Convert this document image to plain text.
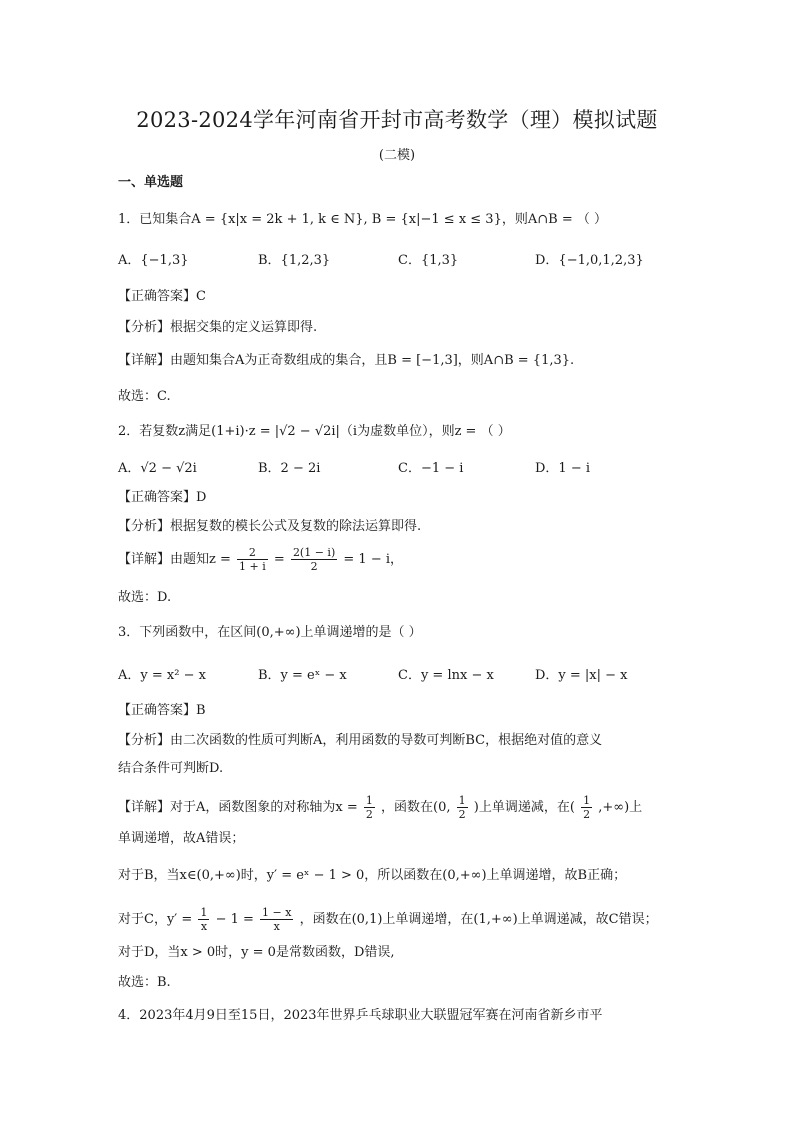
2023-2024学年河南省开封市高考数学（理）模拟试题
(二模)
一、单选题
1．已知集合A = {x|x = 2k + 1, k ∈ N}, B = {x|−1 ≤ x ≤ 3}，则A∩B = （ ）
A．{−1,3}	B．{1,2,3}	C．{1,3}	D．{−1,0,1,2,3}
【正确答案】C
【分析】根据交集的定义运算即得.
【详解】由题知集合A为正奇数组成的集合，且B = [−1,3]，则A∩B = {1,3}.
故选：C.
2．若复数z满足(1+i)·z = |√2 − √2i|（i为虚数单位），则z = （ ）
A．√2 − √2i	B．2 − 2i	C．−1 − i	D．1 − i
【正确答案】D
【分析】根据复数的模长公式及复数的除法运算即得.
【详解】由题知$z = \frac{2}{1 + i} = \frac{2(1 - i)}{2} = 1 - i$，
故选：D.
3．下列函数中，在区间(0,+∞)上单调递增的是（ ）
A．y = x² − x	B．y = eˣ − x	C．y = lnx − x	D．y = |x| − x
【正确答案】B
【分析】由二次函数的性质可判断A，利用函数的导数可判断BC，根据绝对值的意义
结合条件可判断D.
【详解】对于A，函数图象的对称轴为$x = \frac{1}{2}$ ，函数在(0, $\frac{1}{2}$ )上单调递减，在( $\frac{1}{2}$ ,+∞)上
单调递增，故A错误；
对于B，当x∈(0,+∞)时，y′ = eˣ − 1 > 0，所以函数在(0,+∞)上单调递增，故B正确；
对于C，$y' = \frac{1}{x} - 1 = \frac{1 - x}{x}$ ，函数在(0,1)上单调递增，在(1,+∞)上单调递减，故C错误；
对于D，当x > 0时，y = 0是常数函数，D错误,
故选：B.
4．2023年4月9日至15日，2023年世界乒乓球职业大联盟冠军赛在河南省新乡市平
